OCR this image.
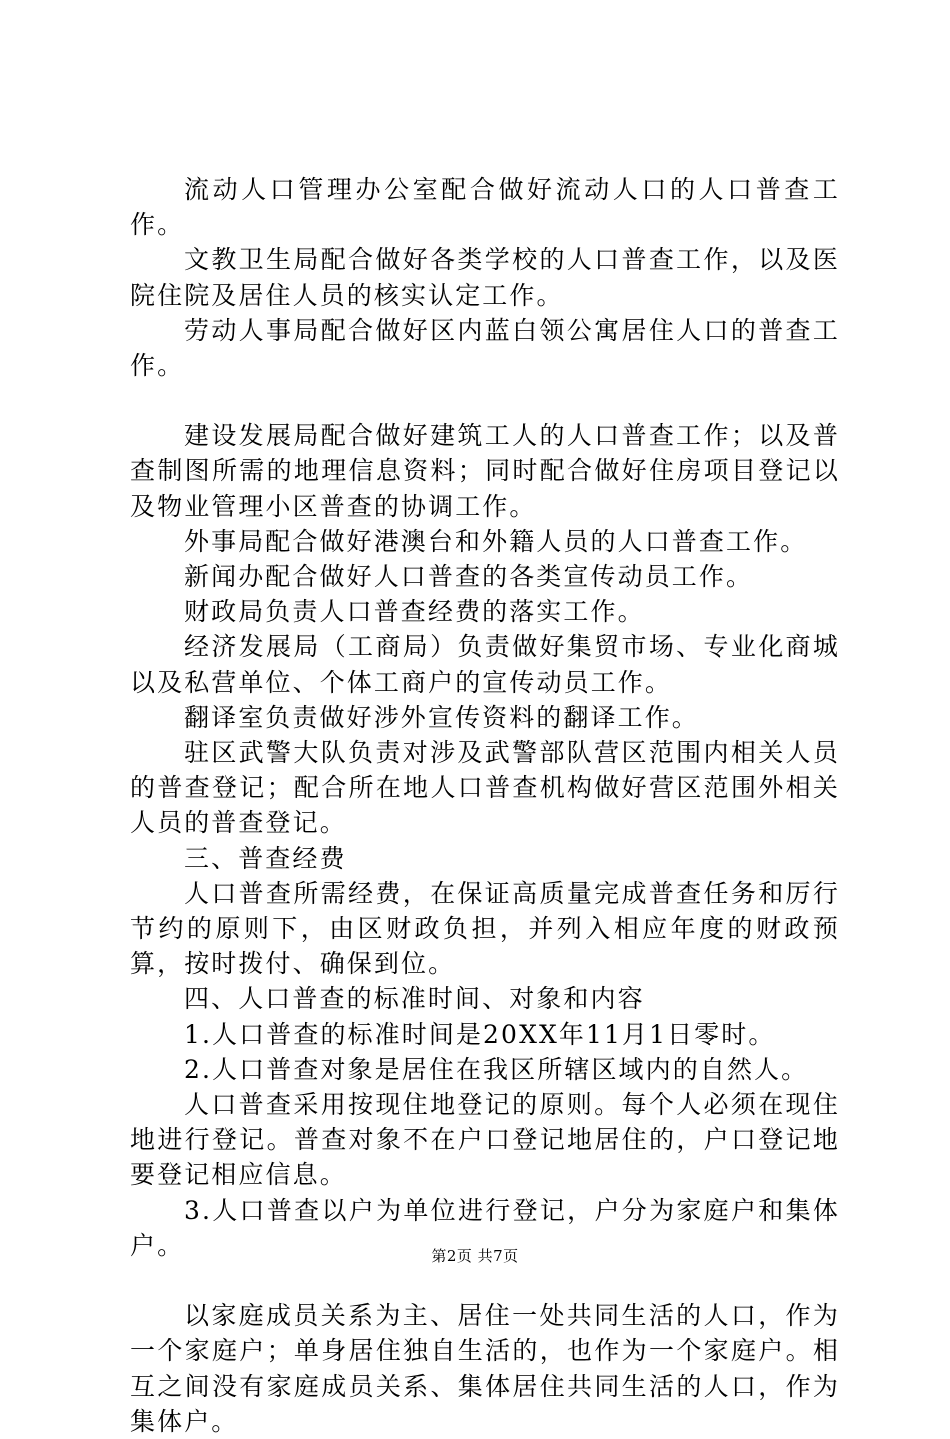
流动人口管理办公室配合做好流动人口的人口普查工作。

文教卫生局配合做好各类学校的人口普查工作，以及医院住院及居住人员的核实认定工作。

劳动人事局配合做好区内蓝白领公寓居住人口的普查工作。

建设发展局配合做好建筑工人的人口普查工作；以及普查制图所需的地理信息资料；同时配合做好住房项目登记以及物业管理小区普查的协调工作。

外事局配合做好港澳台和外籍人员的人口普查工作。

新闻办配合做好人口普查的各类宣传动员工作。

财政局负责人口普查经费的落实工作。

经济发展局（工商局）负责做好集贸市场、专业化商城以及私营单位、个体工商户的宣传动员工作。

翻译室负责做好涉外宣传资料的翻译工作。

驻区武警大队负责对涉及武警部队营区范围内相关人员的普查登记；配合所在地人口普查机构做好营区范围外相关人员的普查登记。

三、普查经费

人口普查所需经费，在保证高质量完成普查任务和厉行节约的原则下，由区财政负担，并列入相应年度的财政预算，按时拨付、确保到位。

四、人口普查的标准时间、对象和内容

1.人口普查的标准时间是20XX年11月1日零时。

2.人口普查对象是居住在我区所辖区域内的自然人。

人口普查采用按现住地登记的原则。每个人必须在现住地进行登记。普查对象不在户口登记地居住的，户口登记地要登记相应信息。

3.人口普查以户为单位进行登记，户分为家庭户和集体户。

以家庭成员关系为主、居住一处共同生活的人口，作为一个家庭户；单身居住独自生活的，也作为一个家庭户。相互之间没有家庭成员关系、集体居住共同生活的人口，作为集体户。

第2页 共7页
